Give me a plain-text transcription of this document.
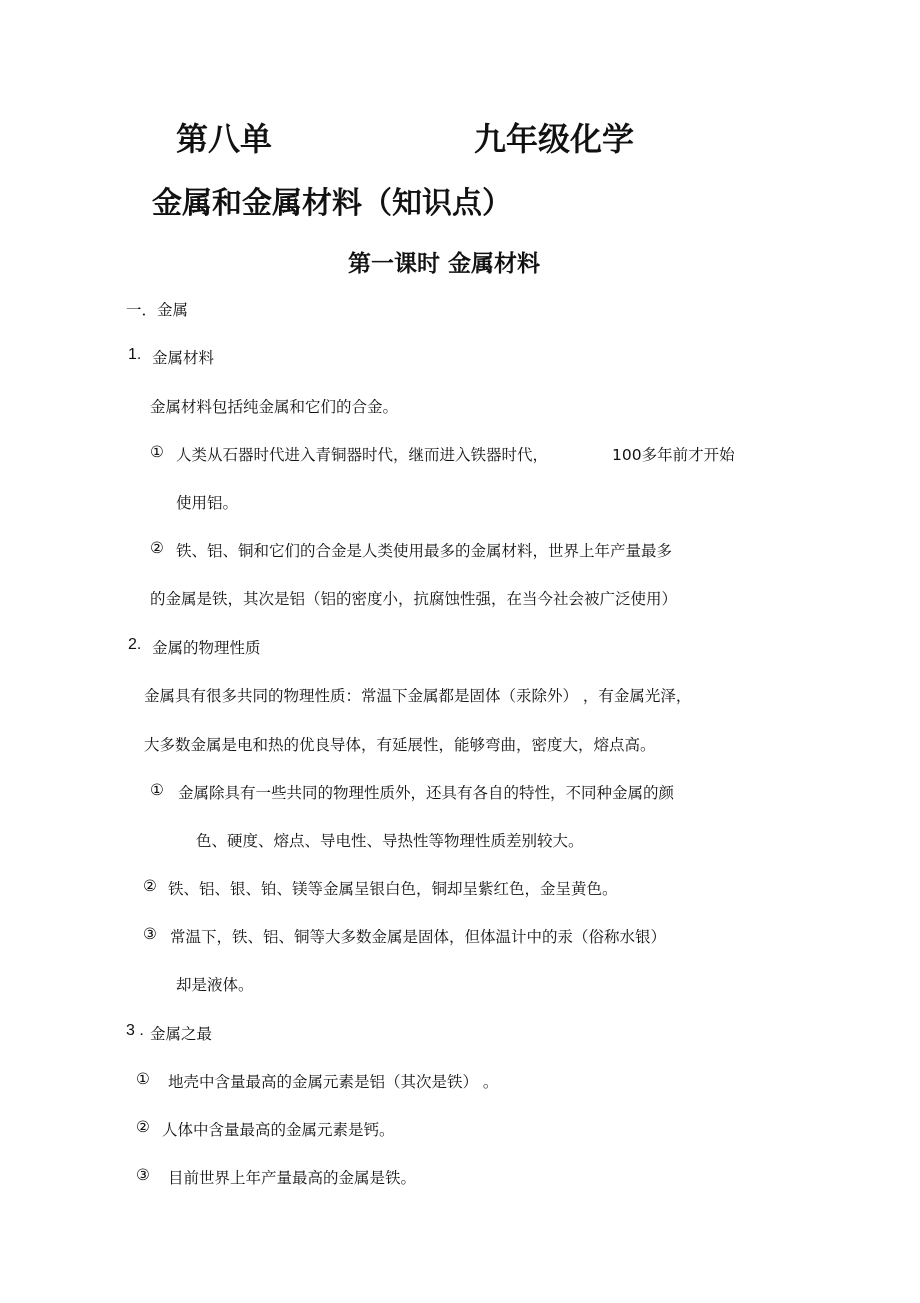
第八单	九年级化学
金属和金属材料（知识点）
第一课时 金属材料
一．金属
1. 金属材料
金属材料包括纯金属和它们的合金。
① 人类从石器时代进入青铜器时代，继而进入铁器时代，	100多年前才开始
使用铝。
② 铁、铝、铜和它们的合金是人类使用最多的金属材料，世界上年产量最多
的金属是铁，其次是铝（铝的密度小，抗腐蚀性强，在当今社会被广泛使用）
2. 金属的物理性质
金属具有很多共同的物理性质：常温下金属都是固体（汞除外） ，有金属光泽，
大多数金属是电和热的优良导体，有延展性，能够弯曲，密度大，熔点高。
① 金属除具有一些共同的物理性质外，还具有各自的特性，不同种金属的颜
色、硬度、熔点、导电性、导热性等物理性质差别较大。
② 铁、铝、银、铂、镁等金属呈银白色，铜却呈紫红色，金呈黄色。
③ 常温下，铁、铝、铜等大多数金属是固体，但体温计中的汞（俗称水银）
却是液体。
3 . 金属之最
① 地壳中含量最高的金属元素是铝（其次是铁） 。
② 人体中含量最高的金属元素是钙。
③ 目前世界上年产量最高的金属是铁。
